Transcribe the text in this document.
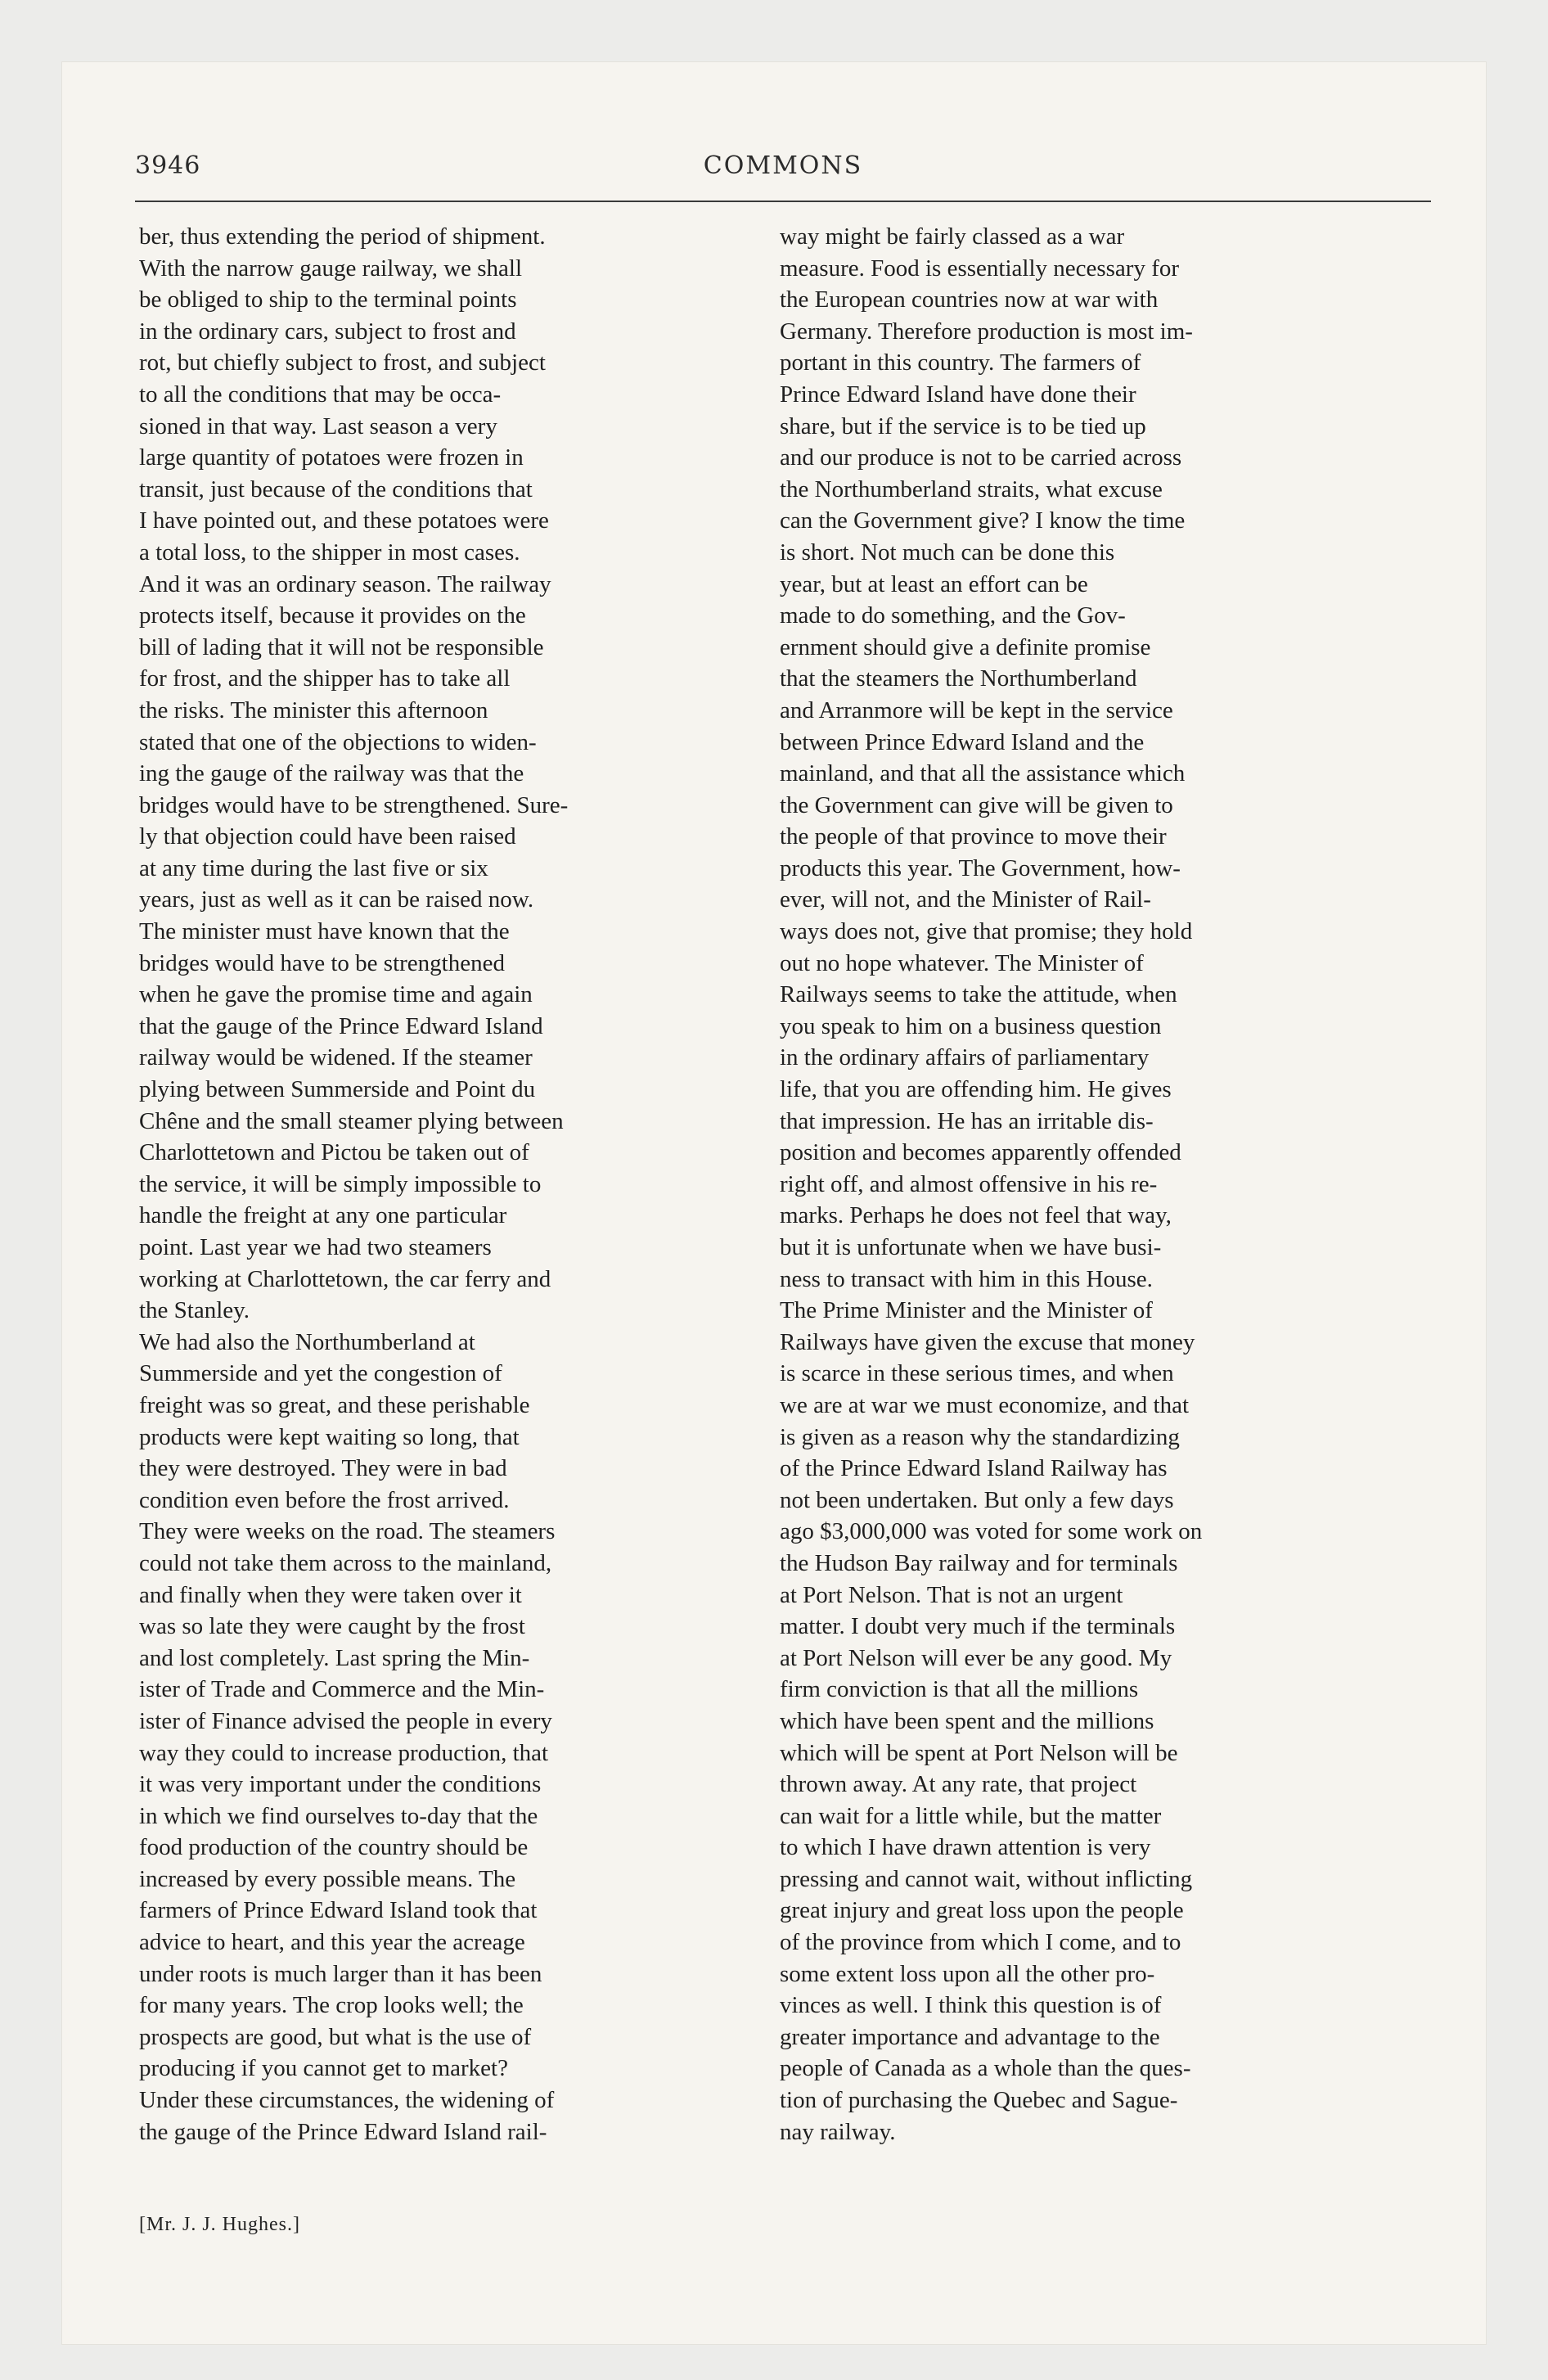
3946	COMMONS
ber, thus extending the period of shipment.
With the narrow gauge railway, we shall
be obliged to ship to the terminal points
in the ordinary cars, subject to frost and
rot, but chiefly subject to frost, and subject
to all the conditions that may be occa-
sioned in that way. Last season a very
large quantity of potatoes were frozen in
transit, just because of the conditions that
I have pointed out, and these potatoes were
a total loss, to the shipper in most cases.
And it was an ordinary season. The railway
protects itself, because it provides on the
bill of lading that it will not be responsible
for frost, and the shipper has to take all
the risks. The minister this afternoon
stated that one of the objections to widen-
ing the gauge of the railway was that the
bridges would have to be strengthened. Sure-
ly that objection could have been raised
at any time during the last five or six
years, just as well as it can be raised now.
The minister must have known that the
bridges would have to be strengthened
when he gave the promise time and again
that the gauge of the Prince Edward Island
railway would be widened. If the steamer
plying between Summerside and Point du
Chêne and the small steamer plying between
Charlottetown and Pictou be taken out of
the service, it will be simply impossible to
handle the freight at any one particular
point. Last year we had two steamers
working at Charlottetown, the car ferry and
the Stanley.
We had also the Northumberland at
Summerside and yet the congestion of
freight was so great, and these perishable
products were kept waiting so long, that
they were destroyed. They were in bad
condition even before the frost arrived.
They were weeks on the road. The steamers
could not take them across to the mainland,
and finally when they were taken over it
was so late they were caught by the frost
and lost completely. Last spring the Min-
ister of Trade and Commerce and the Min-
ister of Finance advised the people in every
way they could to increase production, that
it was very important under the conditions
in which we find ourselves to-day that the
food production of the country should be
increased by every possible means. The
farmers of Prince Edward Island took that
advice to heart, and this year the acreage
under roots is much larger than it has been
for many years. The crop looks well; the
prospects are good, but what is the use of
producing if you cannot get to market?
Under these circumstances, the widening of
the gauge of the Prince Edward Island rail-
way might be fairly classed as a war
measure. Food is essentially necessary for
the European countries now at war with
Germany. Therefore production is most im-
portant in this country. The farmers of
Prince Edward Island have done their
share, but if the service is to be tied up
and our produce is not to be carried across
the Northumberland straits, what excuse
can the Government give? I know the time
is short. Not much can be done this
year, but at least an effort can be
made to do something, and the Gov-
ernment should give a definite promise
that the steamers the Northumberland
and Arranmore will be kept in the service
between Prince Edward Island and the
mainland, and that all the assistance which
the Government can give will be given to
the people of that province to move their
products this year. The Government, how-
ever, will not, and the Minister of Rail-
ways does not, give that promise; they hold
out no hope whatever. The Minister of
Railways seems to take the attitude, when
you speak to him on a business question
in the ordinary affairs of parliamentary
life, that you are offending him. He gives
that impression. He has an irritable dis-
position and becomes apparently offended
right off, and almost offensive in his re-
marks. Perhaps he does not feel that way,
but it is unfortunate when we have busi-
ness to transact with him in this House.
The Prime Minister and the Minister of
Railways have given the excuse that money
is scarce in these serious times, and when
we are at war we must economize, and that
is given as a reason why the standardizing
of the Prince Edward Island Railway has
not been undertaken. But only a few days
ago $3,000,000 was voted for some work on
the Hudson Bay railway and for terminals
at Port Nelson. That is not an urgent
matter. I doubt very much if the terminals
at Port Nelson will ever be any good. My
firm conviction is that all the millions
which have been spent and the millions
which will be spent at Port Nelson will be
thrown away. At any rate, that project
can wait for a little while, but the matter
to which I have drawn attention is very
pressing and cannot wait, without inflicting
great injury and great loss upon the people
of the province from which I come, and to
some extent loss upon all the other pro-
vinces as well. I think this question is of
greater importance and advantage to the
people of Canada as a whole than the ques-
tion of purchasing the Quebec and Sague-
nay railway.
[Mr. J. J. Hughes.]
